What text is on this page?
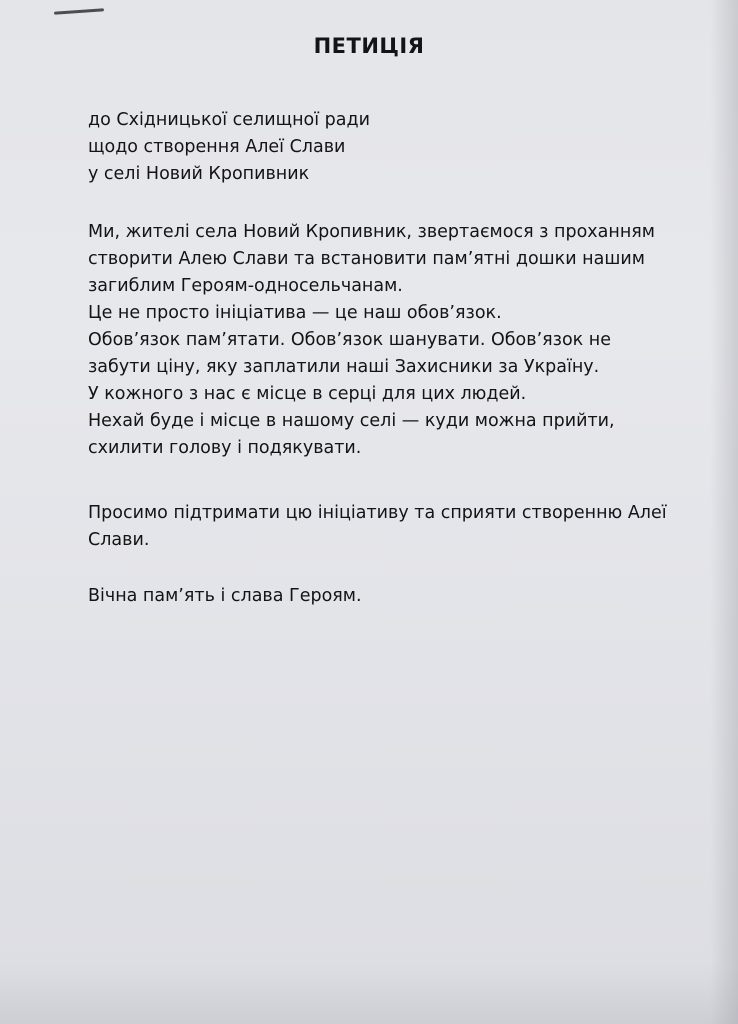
ПЕТИЦІЯ
до Східницької селищної ради
щодо створення Алеї Слави
у селі Новий Кропивник
Ми, жителі села Новий Кропивник, звертаємося з проханням
створити Алею Слави та встановити пам’ятні дошки нашим
загиблим Героям-односельчанам.
Це не просто ініціатива — це наш обов’язок.
Обов’язок пам’ятати. Обов’язок шанувати. Обов’язок не
забути ціну, яку заплатили наші Захисники за Україну.
У кожного з нас є місце в серці для цих людей.
Нехай буде і місце в нашому селі — куди можна прийти,
схилити голову і подякувати.
Просимо підтримати цю ініціативу та сприяти створенню Алеї
Слави.
Вічна пам’ять і слава Героям.
